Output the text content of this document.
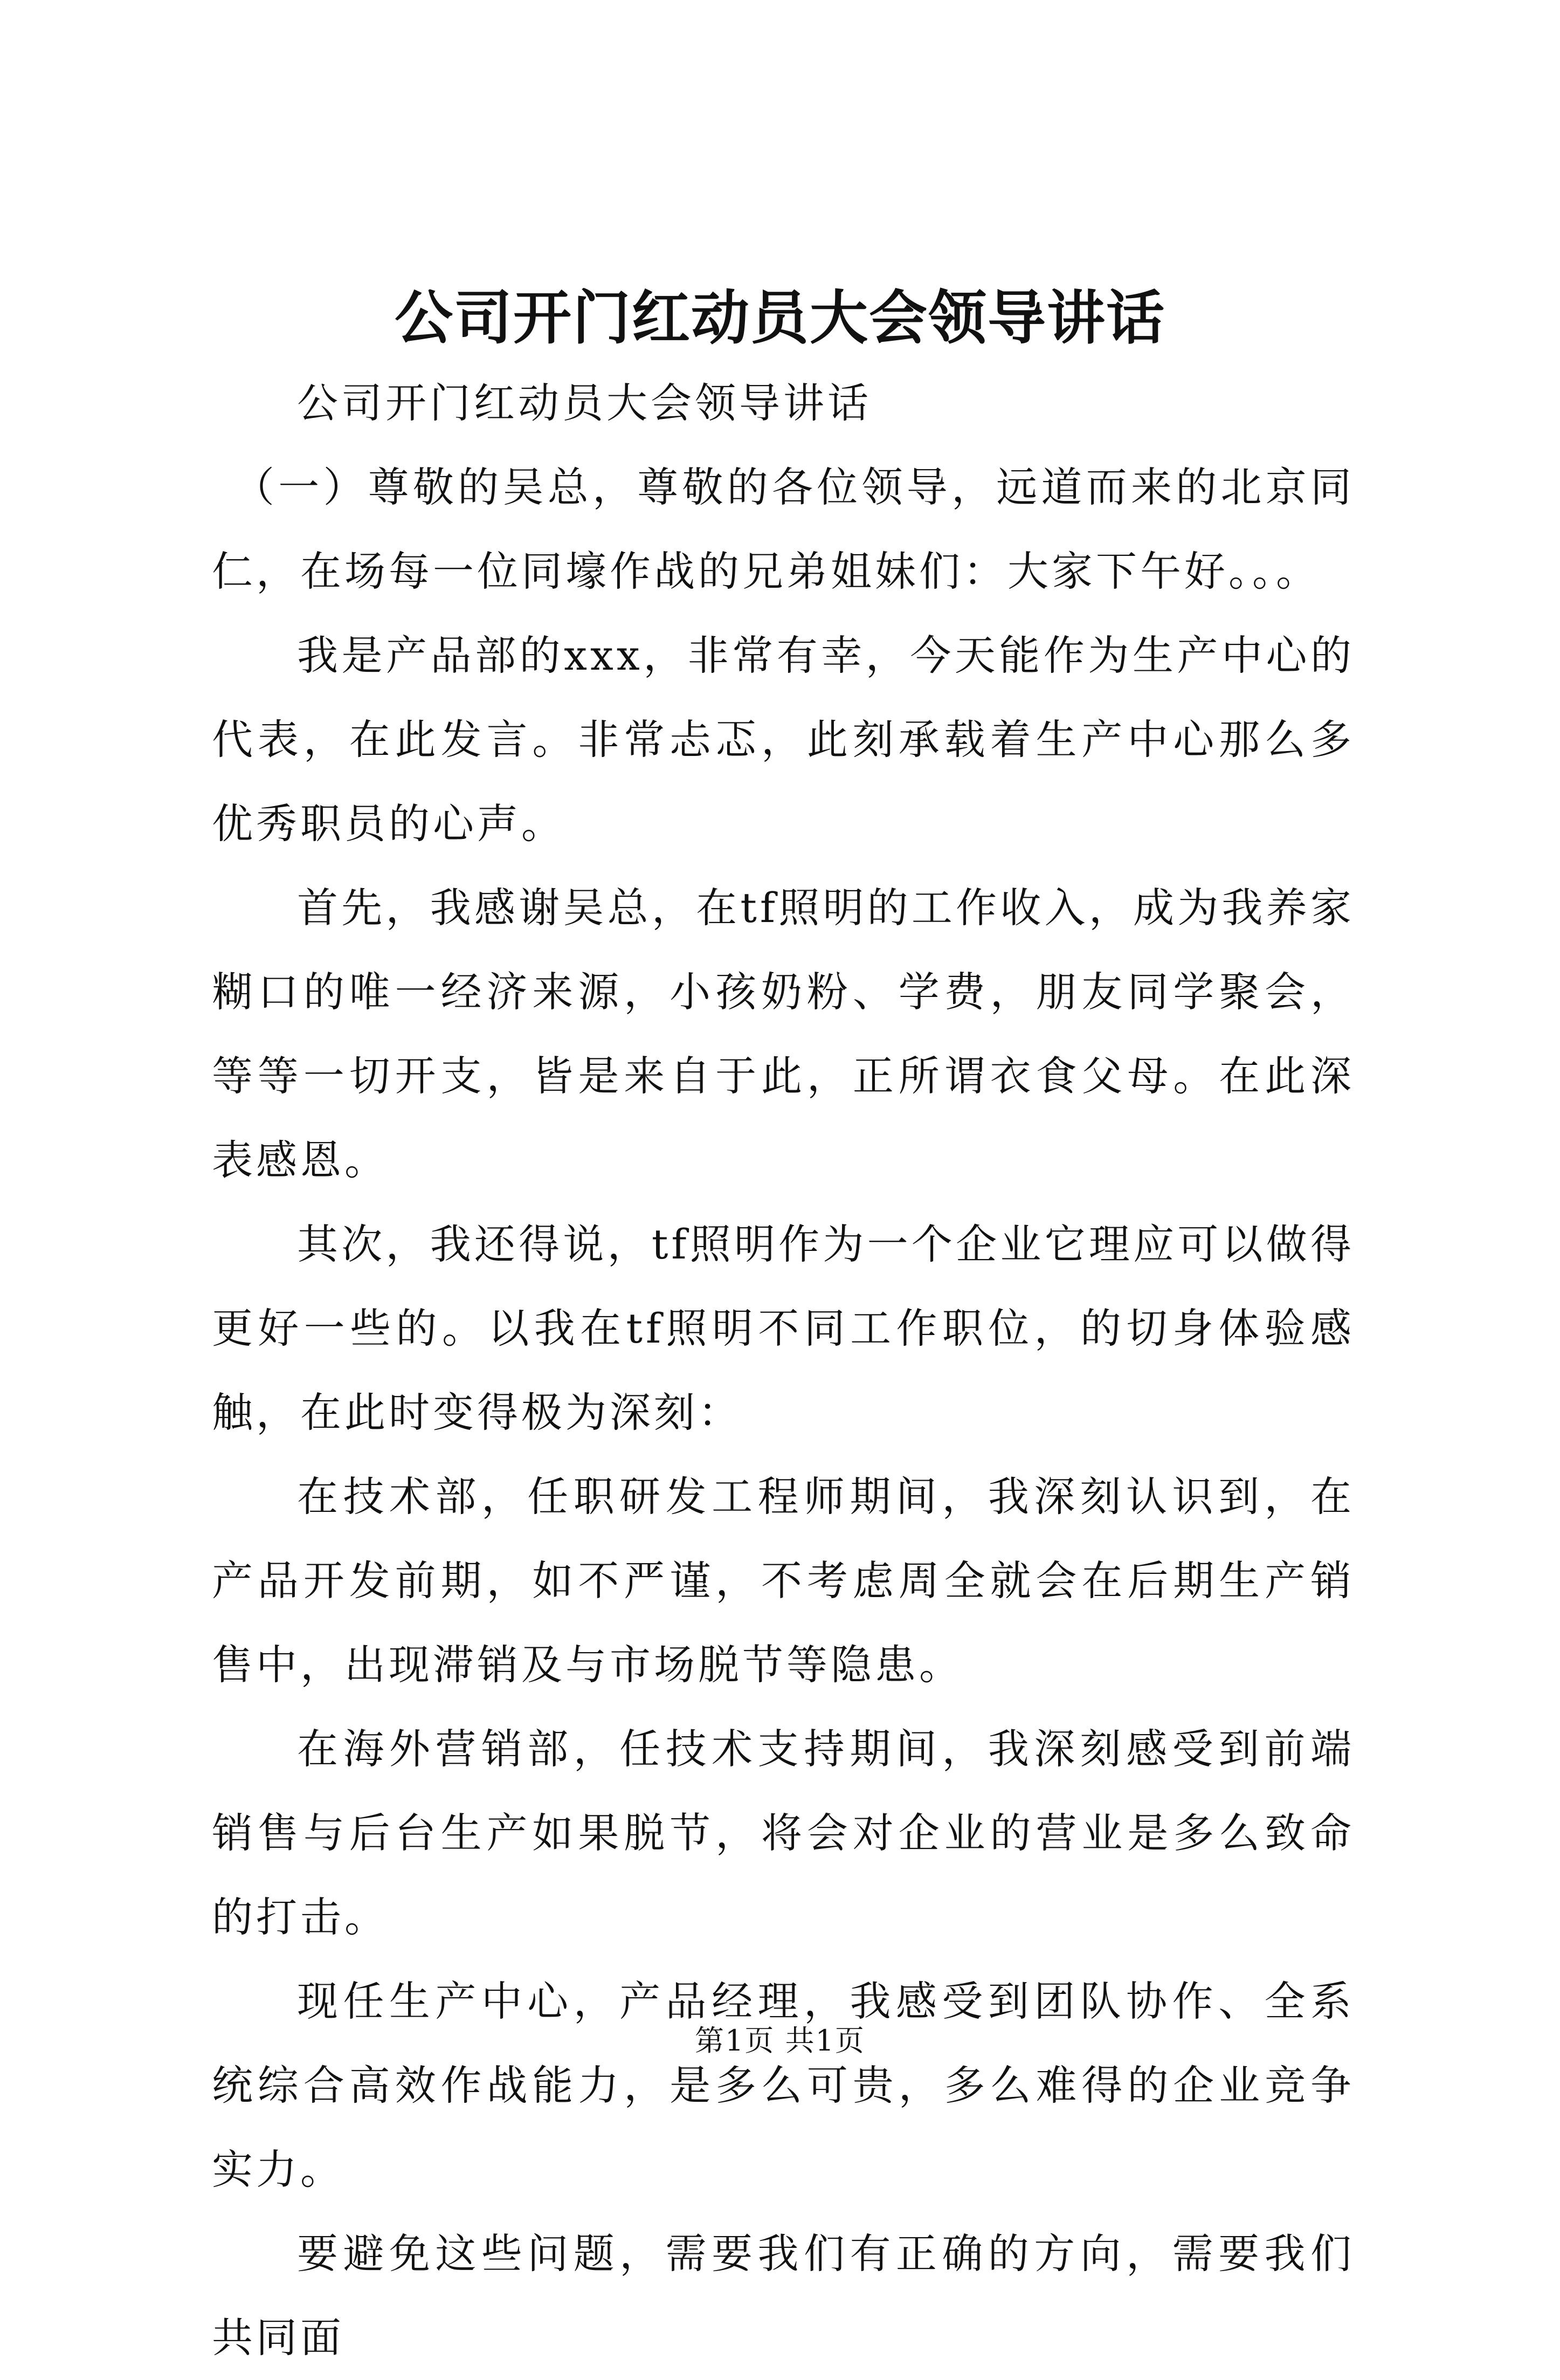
公司开门红动员大会领导讲话

公司开门红动员大会领导讲话

（一）尊敬的吴总，尊敬的各位领导，远道而来的北京同仁，在场每一位同壕作战的兄弟姐妹们：大家下午好。。。

我是产品部的xxx，非常有幸，今天能作为生产中心的代表，在此发言。非常忐忑，此刻承载着生产中心那么多优秀职员的心声。

首先，我感谢吴总，在tf照明的工作收入，成为我养家糊口的唯一经济来源，小孩奶粉、学费，朋友同学聚会，等等一切开支，皆是来自于此，正所谓衣食父母。在此深表感恩。

其次，我还得说，tf照明作为一个企业它理应可以做得更好一些的。以我在tf照明不同工作职位，的切身体验感触，在此时变得极为深刻：

在技术部，任职研发工程师期间，我深刻认识到，在产品开发前期，如不严谨，不考虑周全就会在后期生产销售中，出现滞销及与市场脱节等隐患。

在海外营销部，任技术支持期间，我深刻感受到前端销售与后台生产如果脱节，将会对企业的营业是多么致命的打击。

现任生产中心，产品经理，我感受到团队协作、全系统综合高效作战能力，是多么可贵，多么难得的企业竞争实力。

要避免这些问题，需要我们有正确的方向，需要我们共同面

第1页 共1页
